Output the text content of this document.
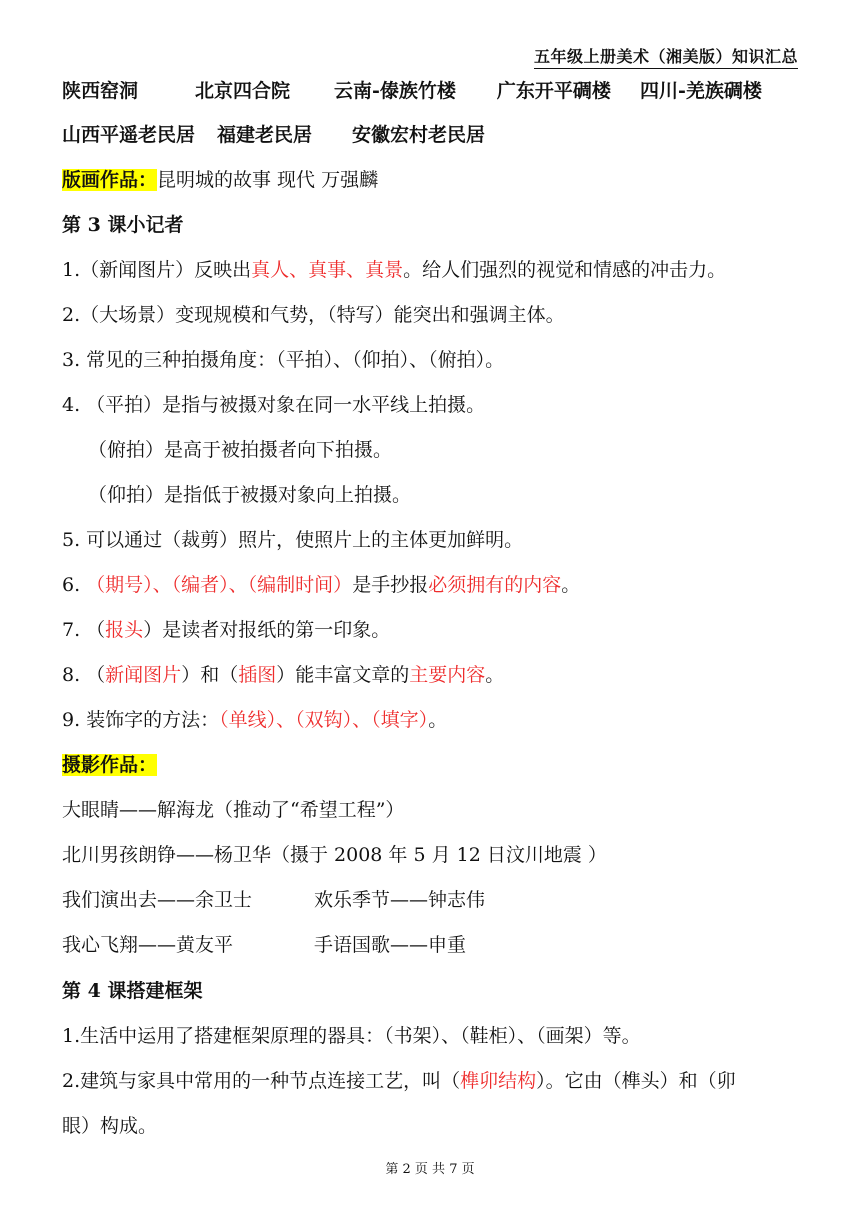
五年级上册美术（湘美版）知识汇总
陕西窑洞	北京四合院 云南-傣族竹楼 广东开平碉楼 四川-羌族碉楼
山西平遥老民居 福建老民居 安徽宏村老民居
版画作品：昆明城的故事 现代 万强麟
第 3 课小记者
1.（新闻图片）反映出真人、真事、真景。给人们强烈的视觉和情感的冲击力。
2.（大场景）变现规模和气势，（特写）能突出和强调主体。
3. 常见的三种拍摄角度：（平拍）、（仰拍）、（俯拍）。
4. （平拍）是指与被摄对象在同一水平线上拍摄。
（俯拍）是高于被拍摄者向下拍摄。
（仰拍）是指低于被摄对象向上拍摄。
5. 可以通过（裁剪）照片，使照片上的主体更加鲜明。
6. （期号）、（编者）、（编制时间）是手抄报必须拥有的内容。
7. （报头）是读者对报纸的第一印象。
8. （新闻图片）和（插图）能丰富文章的主要内容。
9. 装饰字的方法：（单线）、（双钩）、（填字）。
摄影作品：
大眼睛——解海龙（推动了“希望工程”）
北川男孩朗铮——杨卫华（摄于 2008 年 5 月 12 日汶川地震 ）
我们演出去——余卫士	欢乐季节——钟志伟
我心飞翔——黄友平	手语国歌——申重
第 4 课搭建框架
1.生活中运用了搭建框架原理的器具：（书架）、（鞋柜）、（画架）等。
2.建筑与家具中常用的一种节点连接工艺，叫（榫卯结构）。它由（榫头）和（卯
眼）构成。
第 2 页 共 7 页
